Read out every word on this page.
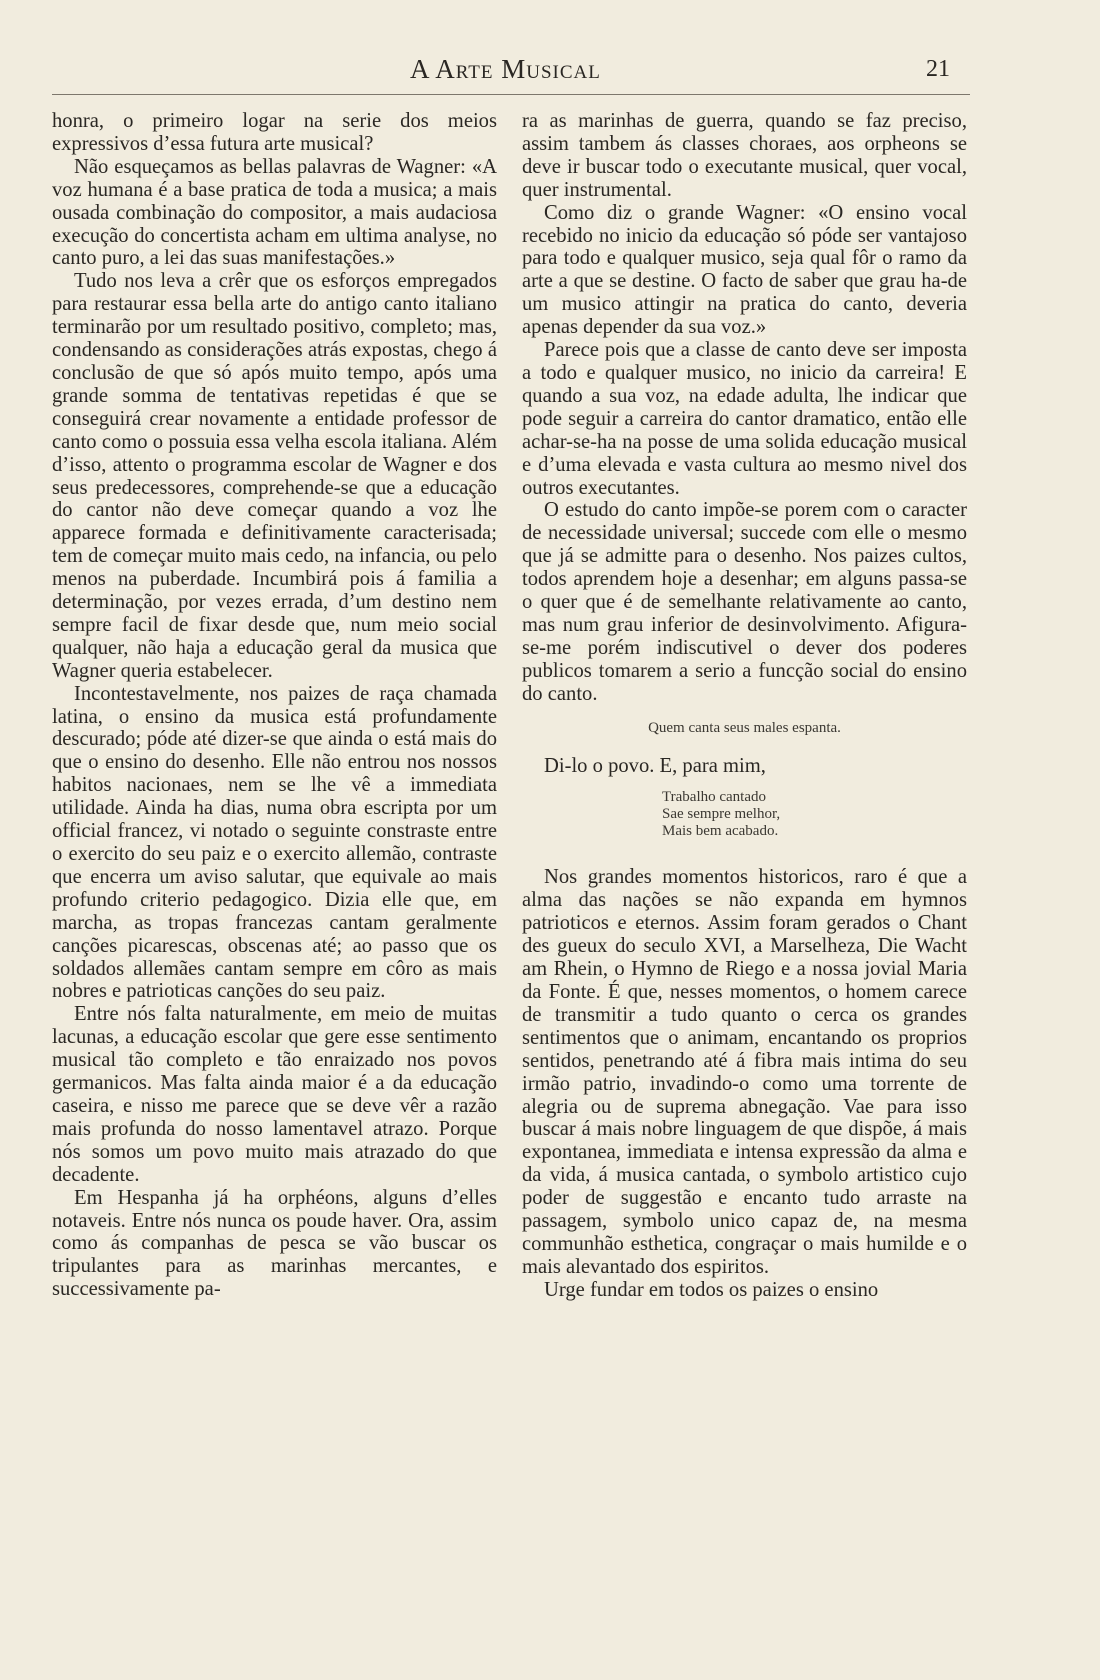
A Arte Musical	21

honra, o primeiro logar na serie dos meios expressivos d’essa futura arte musical?

Não esqueçamos as bellas palavras de Wagner: «A voz humana é a base pratica de toda a musica; a mais ousada combinação do compositor, a mais audaciosa execução do concertista acham em ultima analyse, no canto puro, a lei das suas manifestações.»

Tudo nos leva a crêr que os esforços empregados para restaurar essa bella arte do antigo canto italiano terminarão por um resultado positivo, completo; mas, condensando as considerações atrás expostas, chego á conclusão de que só após muito tempo, após uma grande somma de tentativas repetidas é que se conseguirá crear novamente a entidade professor de canto como o possuia essa velha escola italiana. Além d’isso, attento o programma escolar de Wagner e dos seus predecessores, comprehende-se que a educação do cantor não deve começar quando a voz lhe apparece formada e definitivamente caracterisada; tem de começar muito mais cedo, na infancia, ou pelo menos na puberdade. Incumbirá pois á familia a determinação, por vezes errada, d’um destino nem sempre facil de fixar desde que, num meio social qualquer, não haja a educação geral da musica que Wagner queria estabelecer.

Incontestavelmente, nos paizes de raça chamada latina, o ensino da musica está profundamente descurado; póde até dizer-se que ainda o está mais do que o ensino do desenho. Elle não entrou nos nossos habitos nacionaes, nem se lhe vê a immediata utilidade. Ainda ha dias, numa obra escripta por um official francez, vi notado o seguinte constraste entre o exercito do seu paiz e o exercito allemão, contraste que encerra um aviso salutar, que equivale ao mais profundo criterio pedagogico. Dizia elle que, em marcha, as tropas francezas cantam geralmente canções picarescas, obscenas até; ao passo que os soldados allemães cantam sempre em côro as mais nobres e patrioticas canções do seu paiz.

Entre nós falta naturalmente, em meio de muitas lacunas, a educação escolar que gere esse sentimento musical tão completo e tão enraizado nos povos germanicos. Mas falta ainda maior é a da educação caseira, e nisso me parece que se deve vêr a razão mais profunda do nosso lamentavel atrazo. Porque nós somos um povo muito mais atrazado do que decadente.

Em Hespanha já ha orphéons, alguns d’elles notaveis. Entre nós nunca os poude haver. Ora, assim como ás companhas de pesca se vão buscar os tripulantes para as marinhas mercantes, e successivamente pa-

ra as marinhas de guerra, quando se faz preciso, assim tambem ás classes choraes, aos orpheons se deve ir buscar todo o executante musical, quer vocal, quer instrumental.

Como diz o grande Wagner: «O ensino vocal recebido no inicio da educação só póde ser vantajoso para todo e qualquer musico, seja qual fôr o ramo da arte a que se destine. O facto de saber que grau ha-de um musico attingir na pratica do canto, deveria apenas depender da sua voz.»

Parece pois que a classe de canto deve ser imposta a todo e qualquer musico, no inicio da carreira! E quando a sua voz, na edade adulta, lhe indicar que pode seguir a carreira do cantor dramatico, então elle achar-se-ha na posse de uma solida educação musical e d’uma elevada e vasta cultura ao mesmo nivel dos outros executantes.

O estudo do canto impõe-se porem com o caracter de necessidade universal; succede com elle o mesmo que já se admitte para o desenho. Nos paizes cultos, todos aprendem hoje a desenhar; em alguns passa-se o quer que é de semelhante relativamente ao canto, mas num grau inferior de desinvolvimento. Afigura-se-me porém indiscutivel o dever dos poderes publicos tomarem a serio a funcção social do ensino do canto.

Quem canta seus males espanta.

Di-lo o povo. E, para mim,

Trabalho cantado
Sae sempre melhor,
Mais bem acabado.

Nos grandes momentos historicos, raro é que a alma das nações se não expanda em hymnos patrioticos e eternos. Assim foram gerados o Chant des gueux do seculo XVI, a Marselheza, Die Wacht am Rhein, o Hymno de Riego e a nossa jovial Maria da Fonte. É que, nesses momentos, o homem carece de transmitir a tudo quanto o cerca os grandes sentimentos que o animam, encantando os proprios sentidos, penetrando até á fibra mais intima do seu irmão patrio, invadindo-o como uma torrente de alegria ou de suprema abnegação. Vae para isso buscar á mais nobre linguagem de que dispõe, á mais expontanea, immediata e intensa expressão da alma e da vida, á musica cantada, o symbolo artistico cujo poder de suggestão e encanto tudo arraste na passagem, symbolo unico capaz de, na mesma communhão esthetica, congraçar o mais humilde e o mais alevantado dos espiritos.

Urge fundar em todos os paizes o ensino
